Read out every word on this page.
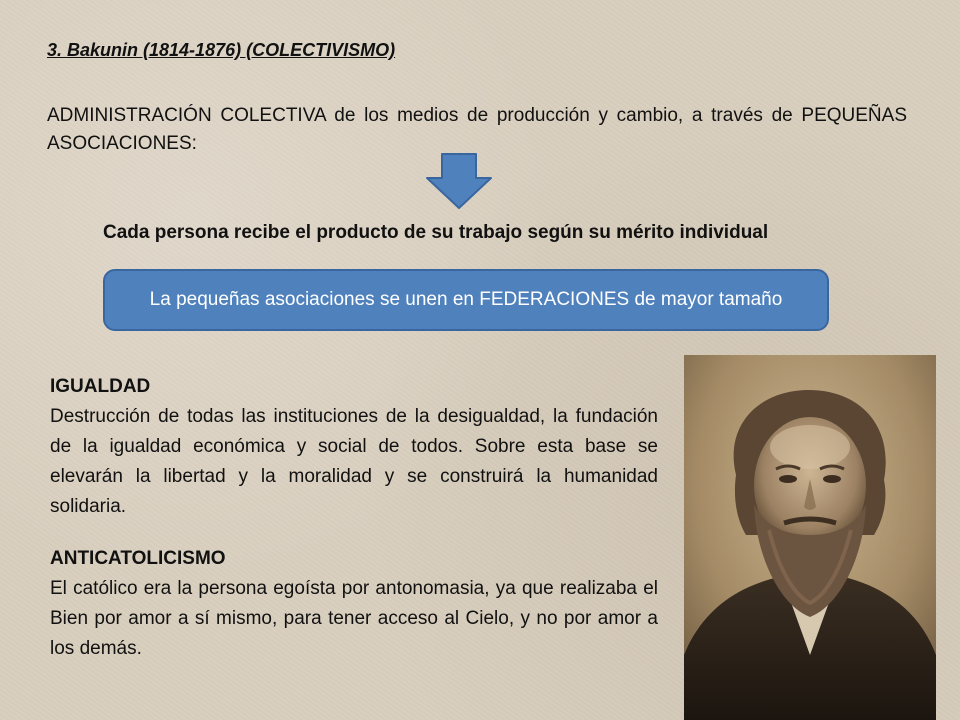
3. Bakunin (1814-1876) (COLECTIVISMO)
ADMINISTRACIÓN COLECTIVA de los medios de producción y cambio, a través de PEQUEÑAS ASOCIACIONES:
Cada persona recibe el producto de su trabajo según su mérito individual
La pequeñas asociaciones se unen en FEDERACIONES de mayor tamaño
IGUALDAD
Destrucción de todas las instituciones de la desigualdad, la fundación de la igualdad económica y social de todos. Sobre esta base se elevarán la libertad y la moralidad y se construirá la humanidad solidaria.
ANTICATOLICISMO
El católico era la persona egoísta por antonomasia, ya que realizaba el Bien por amor a sí mismo, para tener acceso al Cielo, y no por amor a los demás.
